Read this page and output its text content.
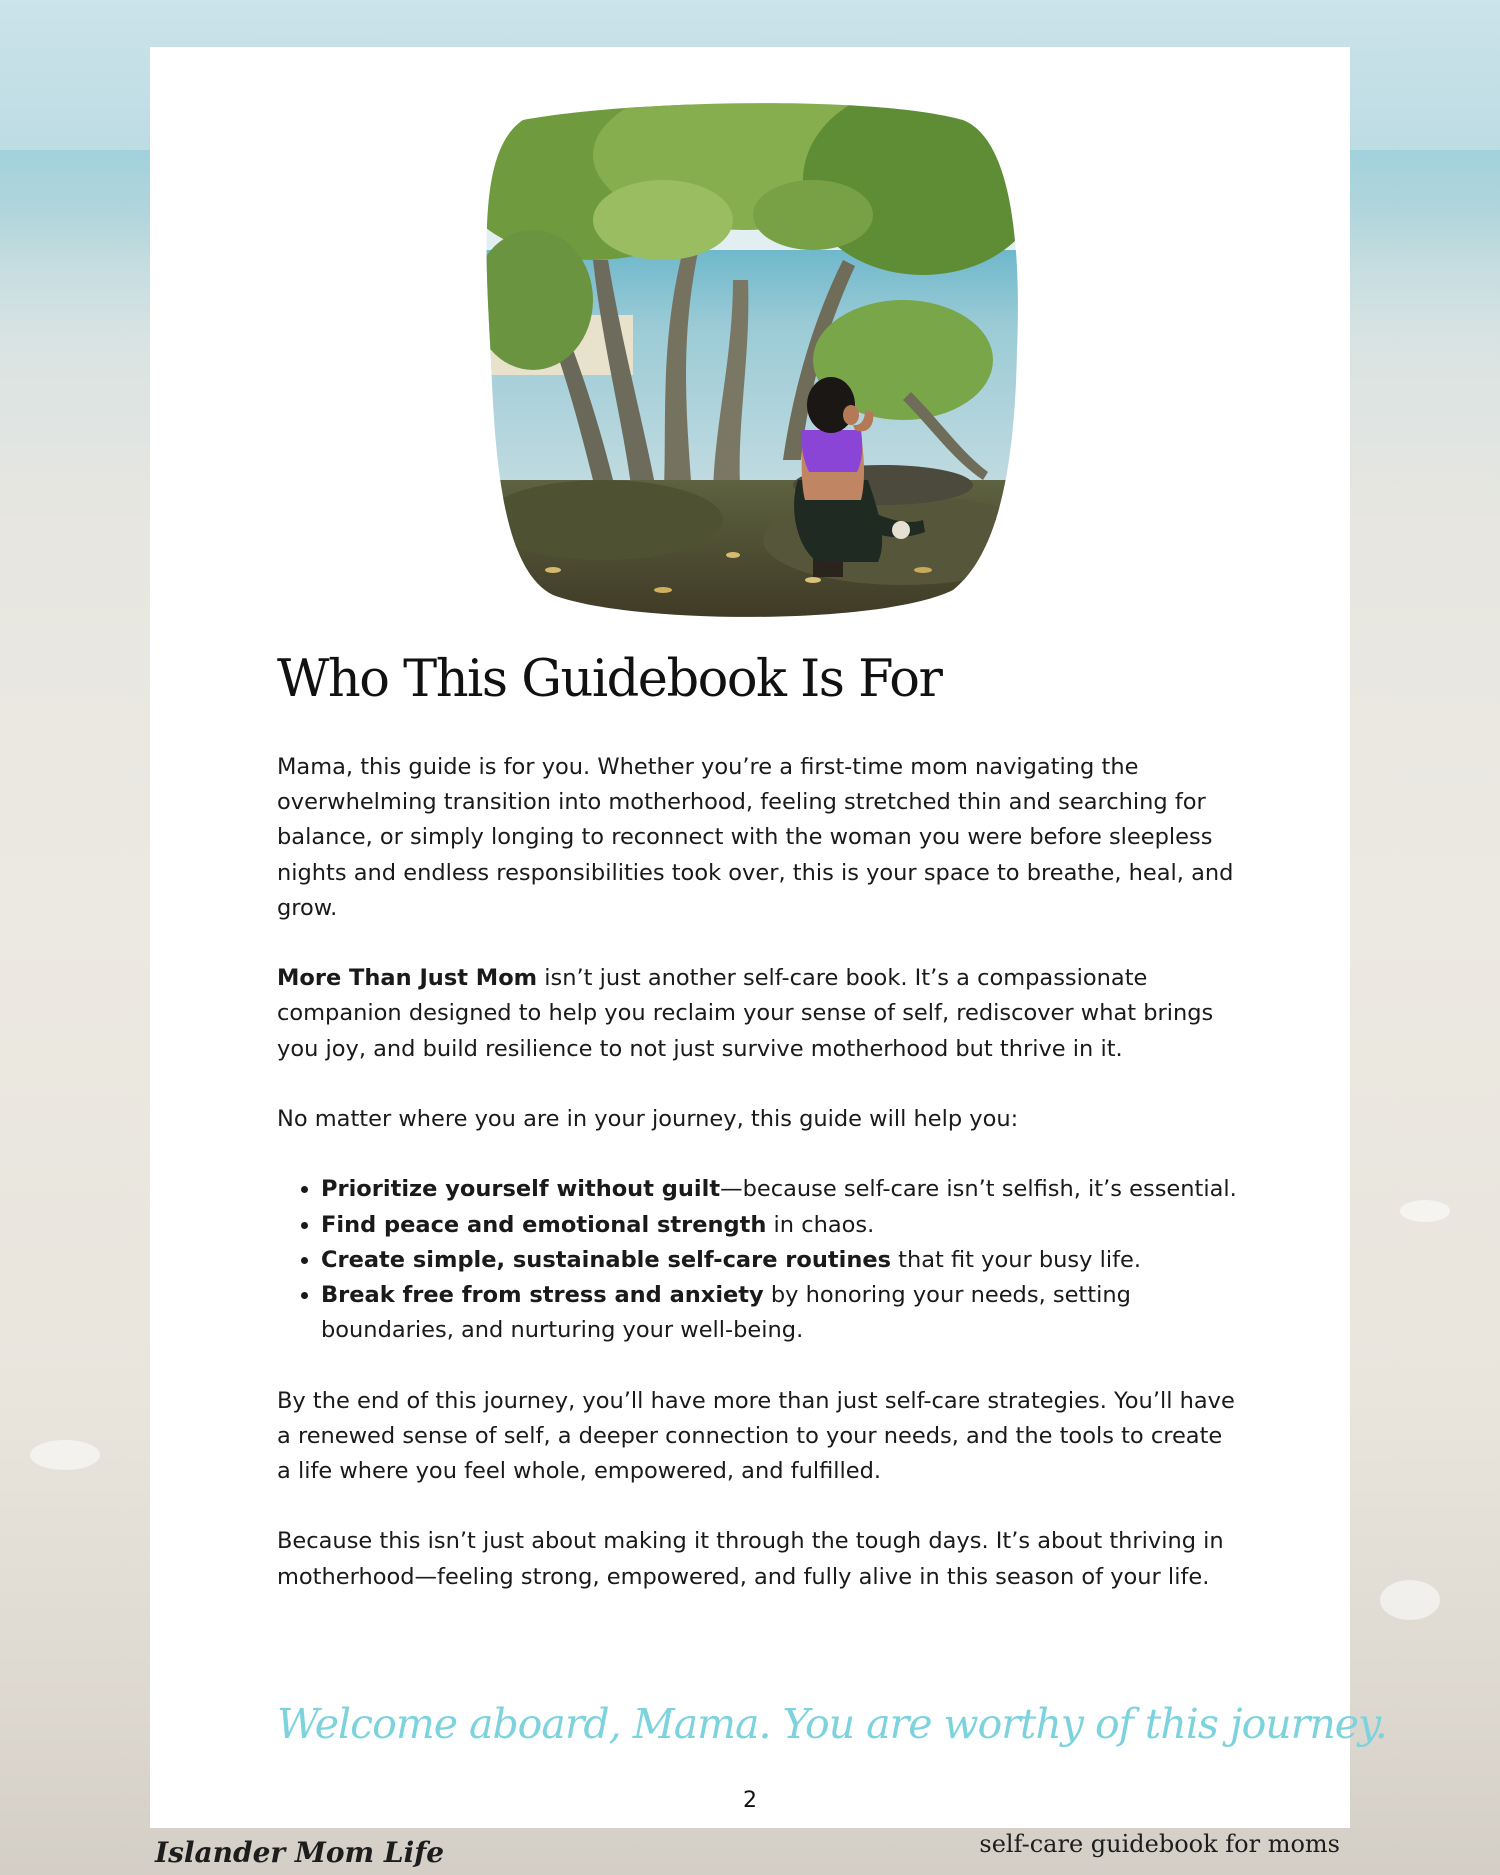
Who This Guidebook Is For

Mama, this guide is for you. Whether you’re a first-time mom navigating the overwhelming transition into motherhood, feeling stretched thin and searching for balance, or simply longing to reconnect with the woman you were before sleepless nights and endless responsibilities took over, this is your space to breathe, heal, and grow.

More Than Just Mom isn’t just another self-care book. It’s a compassionate companion designed to help you reclaim your sense of self, rediscover what brings you joy, and build resilience to not just survive motherhood but thrive in it.

No matter where you are in your journey, this guide will help you:

• Prioritize yourself without guilt—because self-care isn’t selfish, it’s essential.
• Find peace and emotional strength in chaos.
• Create simple, sustainable self-care routines that fit your busy life.
• Break free from stress and anxiety by honoring your needs, setting boundaries, and nurturing your well-being.

By the end of this journey, you’ll have more than just self-care strategies. You’ll have a renewed sense of self, a deeper connection to your needs, and the tools to create a life where you feel whole, empowered, and fulfilled.

Because this isn’t just about making it through the tough days. It’s about thriving in motherhood—feeling strong, empowered, and fully alive in this season of your life.

Welcome aboard, Mama. You are worthy of this journey.
2
Islander Mom Life	self-care guidebook for moms
